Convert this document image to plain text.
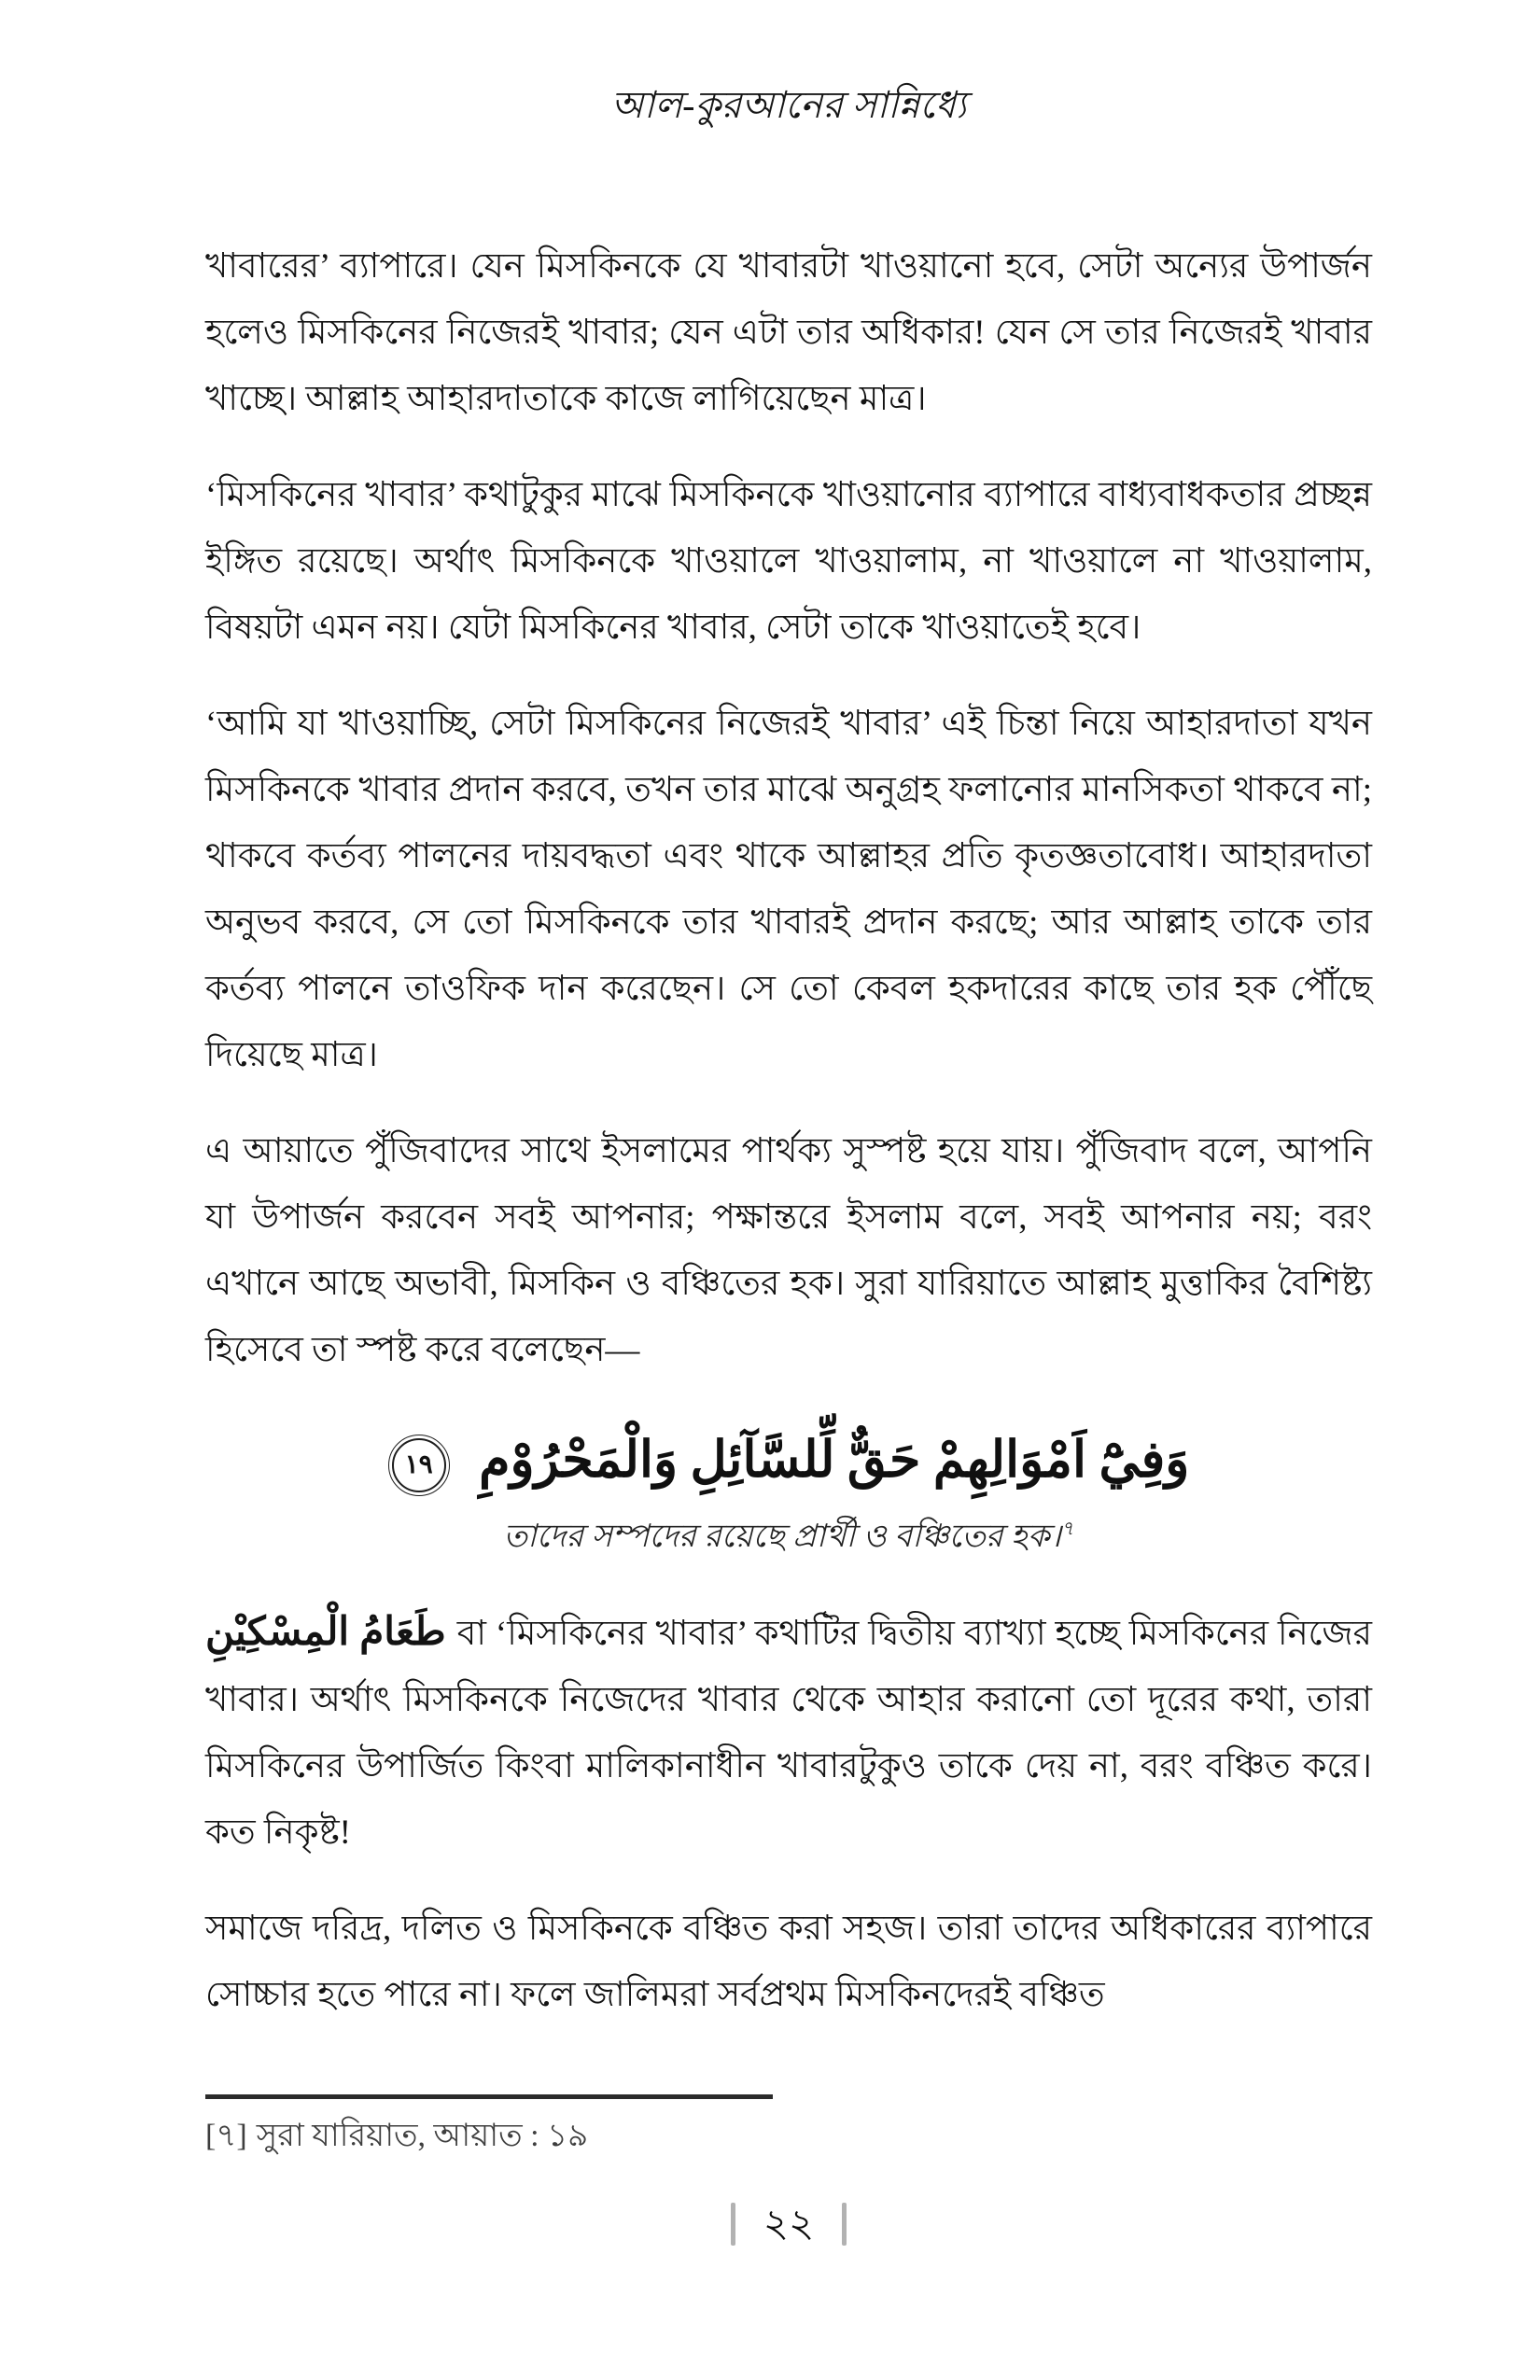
আল-কুরআনের সান্নিধ্যে

খাবারের’ ব্যাপারে। যেন মিসকিনকে যে খাবারটা খাওয়ানো হবে, সেটা অন্যের উপার্জন হলেও মিসকিনের নিজেরই খাবার; যেন এটা তার অধিকার! যেন সে তার নিজেরই খাবার খাচ্ছে। আল্লাহ আহারদাতাকে কাজে লাগিয়েছেন মাত্র।

‘মিসকিনের খাবার’ কথাটুকুর মাঝে মিসকিনকে খাওয়ানোর ব্যাপারে বাধ্যবাধকতার প্রচ্ছন্ন ইঙ্গিত রয়েছে। অর্থাৎ মিসকিনকে খাওয়ালে খাওয়ালাম, না খাওয়ালে না খাওয়ালাম, বিষয়টা এমন নয়। যেটা মিসকিনের খাবার, সেটা তাকে খাওয়াতেই হবে।

‘আমি যা খাওয়াচ্ছি, সেটা মিসকিনের নিজেরই খাবার’ এই চিন্তা নিয়ে আহারদাতা যখন মিসকিনকে খাবার প্রদান করবে, তখন তার মাঝে অনুগ্রহ ফলানোর মানসিকতা থাকবে না; থাকবে কর্তব্য পালনের দায়বদ্ধতা এবং থাকে আল্লাহর প্রতি কৃতজ্ঞতাবোধ। আহারদাতা অনুভব করবে, সে তো মিসকিনকে তার খাবারই প্রদান করছে; আর আল্লাহ তাকে তার কর্তব্য পালনে তাওফিক দান করেছেন। সে তো কেবল হকদারের কাছে তার হক পৌঁছে দিয়েছে মাত্র।

এ আয়াতে পুঁজিবাদের সাথে ইসলামের পার্থক্য সুস্পষ্ট হয়ে যায়। পুঁজিবাদ বলে, আপনি যা উপার্জন করবেন সবই আপনার; পক্ষান্তরে ইসলাম বলে, সবই আপনার নয়; বরং এখানে আছে অভাবী, মিসকিন ও বঞ্চিতের হক। সুরা যারিয়াতে আল্লাহ মুত্তাকির বৈশিষ্ট্য হিসেবে তা স্পষ্ট করে বলেছেন—

وَفِيْٓ اَمْوَالِهِمْ حَقٌّ لِّلسَّآئِلِ وَالْمَحْرُوْمِ ١٩
তাদের সম্পদের রয়েছে প্রার্থী ও বঞ্চিতের হক।$^৭$

طَعَامُ الْمِسْكِيْنِ বা ‘মিসকিনের খাবার’ কথাটির দ্বিতীয় ব্যাখ্যা হচ্ছে মিসকিনের নিজের খাবার। অর্থাৎ মিসকিনকে নিজেদের খাবার থেকে আহার করানো তো দূরের কথা, তারা মিসকিনের উপার্জিত কিংবা মালিকানাধীন খাবারটুকুও তাকে দেয় না, বরং বঞ্চিত করে। কত নিকৃষ্ট!

সমাজে দরিদ্র, দলিত ও মিসকিনকে বঞ্চিত করা সহজ। তারা তাদের অধিকারের ব্যাপারে সোচ্চার হতে পারে না। ফলে জালিমরা সর্বপ্রথম মিসকিনদেরই বঞ্চিত

[৭] সুরা যারিয়াত, আয়াত : ১৯
২২
